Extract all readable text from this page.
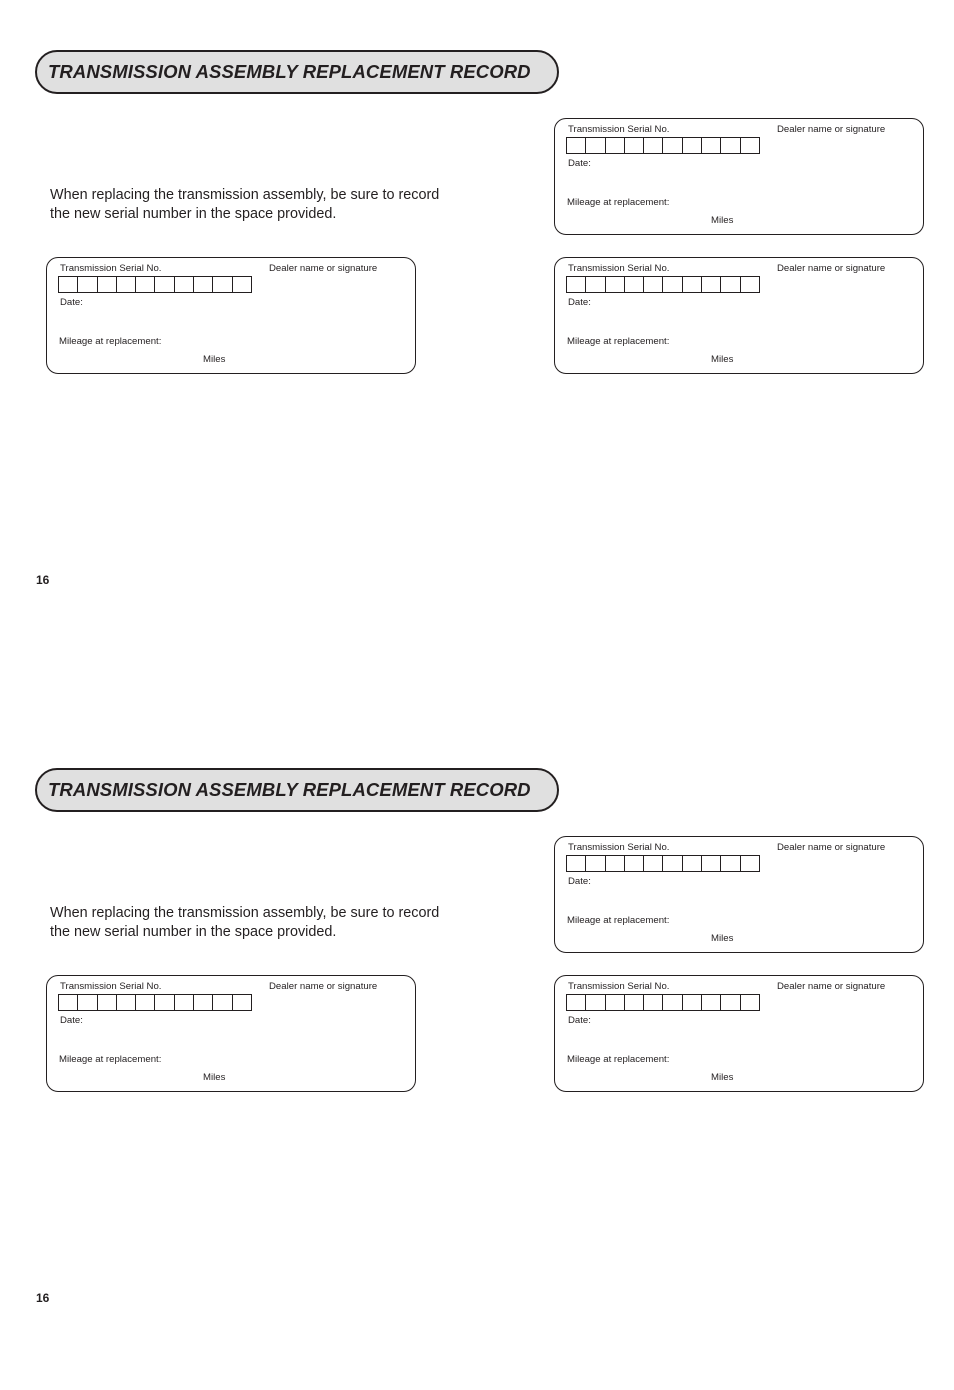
TRANSMISSION ASSEMBLY REPLACEMENT RECORD

When replacing the transmission assembly, be sure to record

the new serial number in the space provided.

Transmission Serial No.	Dealer name or signature
Date:
Mileage at replacement:
Miles
Transmission Serial No.	Dealer name or signature
Date:
Mileage at replacement:
Miles
Transmission Serial No.	Dealer name or signature
Date:
Mileage at replacement:
Miles
16
TRANSMISSION ASSEMBLY REPLACEMENT RECORD

When replacing the transmission assembly, be sure to record

the new serial number in the space provided.

Transmission Serial No.	Dealer name or signature
Date:
Mileage at replacement:
Miles
Transmission Serial No.	Dealer name or signature
Date:
Mileage at replacement:
Miles
Transmission Serial No.	Dealer name or signature
Date:
Mileage at replacement:
Miles
16
